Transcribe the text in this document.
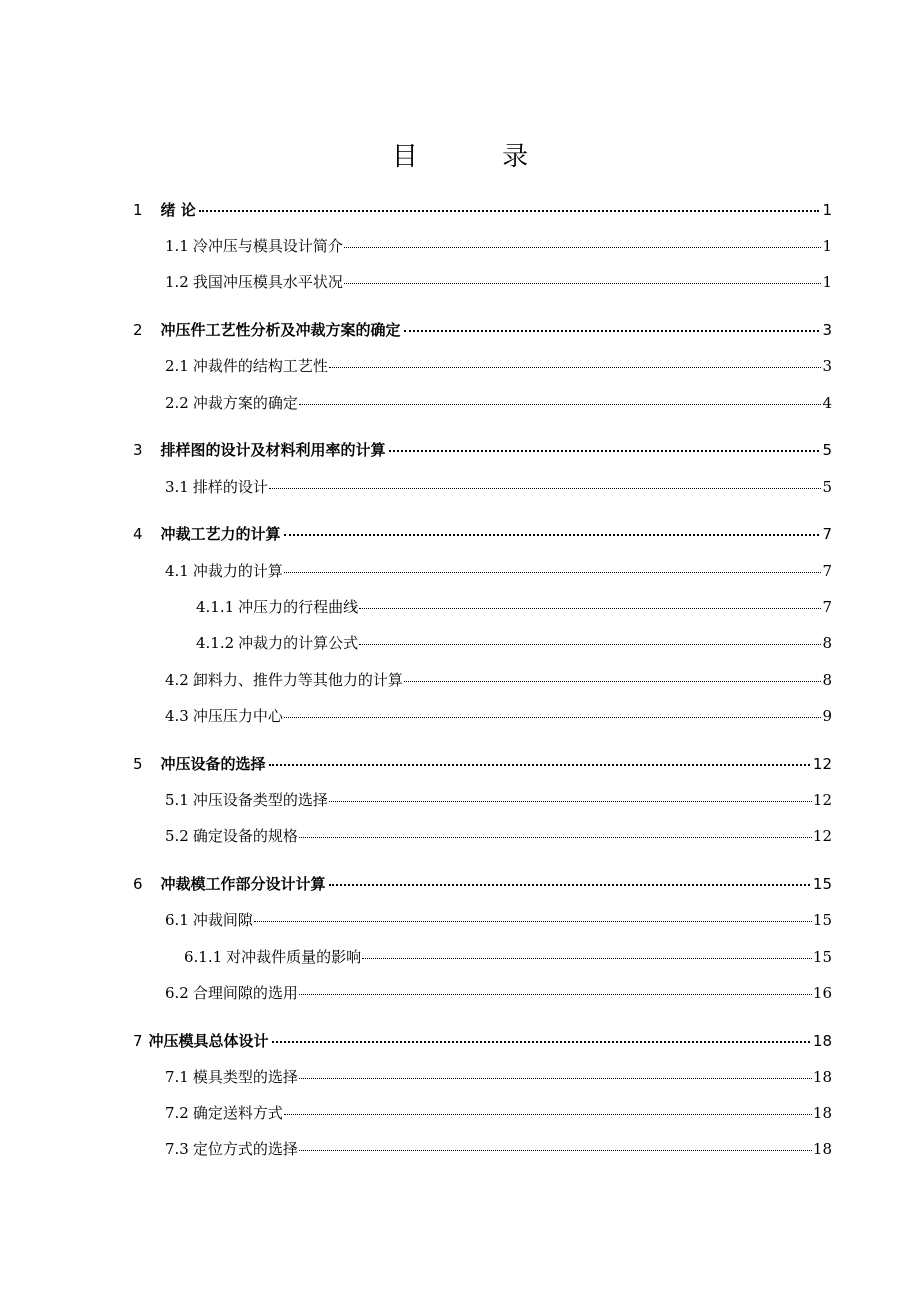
目 录
1 绪 论	1
1.1 冷冲压与模具设计简介	1
1.2 我国冲压模具水平状况	1
2 冲压件工艺性分析及冲裁方案的确定	3
2.1 冲裁件的结构工艺性	3
2.2 冲裁方案的确定	4
3 排样图的设计及材料利用率的计算	5
3.1 排样的设计	5
4 冲裁工艺力的计算	7
4.1 冲裁力的计算	7
4.1.1 冲压力的行程曲线	7
4.1.2 冲裁力的计算公式	8
4.2 卸料力、推件力等其他力的计算	8
4.3 冲压压力中心	9
5 冲压设备的选择	12
5.1 冲压设备类型的选择	12
5.2 确定设备的规格	12
6 冲裁模工作部分设计计算	15
6.1 冲裁间隙	15
6.1.1 对冲裁件质量的影响	15
6.2 合理间隙的选用	16
7 冲压模具总体设计	18
7.1 模具类型的选择	18
7.2 确定送料方式	18
7.3 定位方式的选择	18
